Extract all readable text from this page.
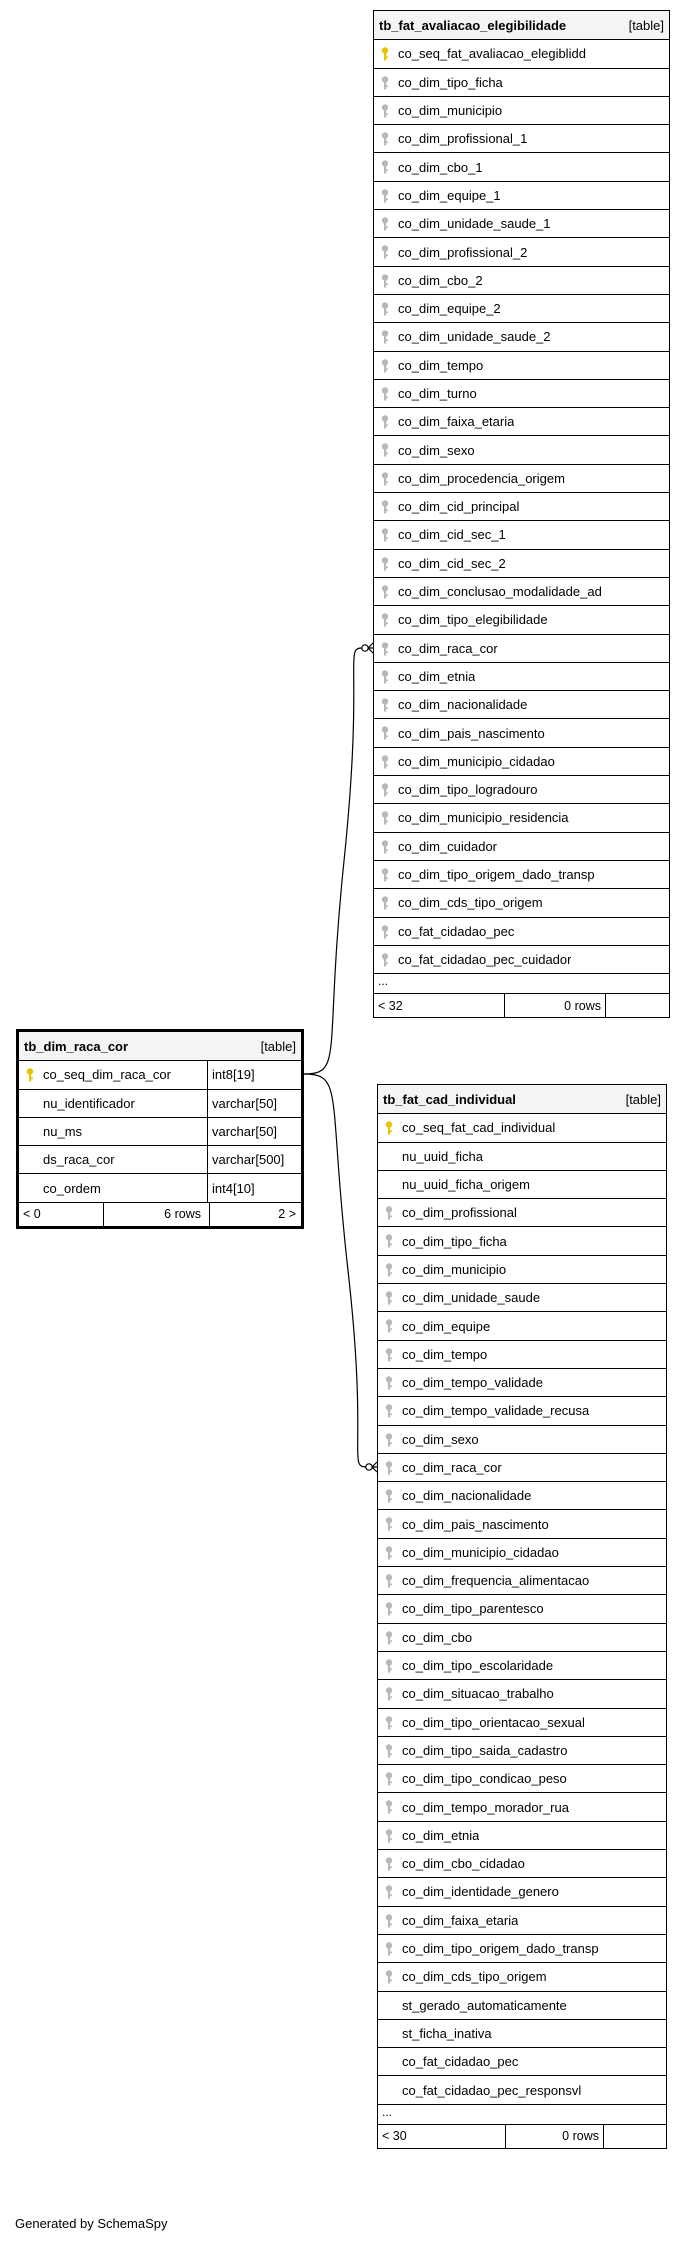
tb_fat_avaliacao_elegibilidade	[table]
co_seq_fat_avaliacao_elegiblidd
co_dim_tipo_ficha
co_dim_municipio
co_dim_profissional_1
co_dim_cbo_1
co_dim_equipe_1
co_dim_unidade_saude_1
co_dim_profissional_2
co_dim_cbo_2
co_dim_equipe_2
co_dim_unidade_saude_2
co_dim_tempo
co_dim_turno
co_dim_faixa_etaria
co_dim_sexo
co_dim_procedencia_origem
co_dim_cid_principal
co_dim_cid_sec_1
co_dim_cid_sec_2
co_dim_conclusao_modalidade_ad
co_dim_tipo_elegibilidade
co_dim_raca_cor
co_dim_etnia
co_dim_nacionalidade
co_dim_pais_nascimento
co_dim_municipio_cidadao
co_dim_tipo_logradouro
co_dim_municipio_residencia
co_dim_cuidador
co_dim_tipo_origem_dado_transp
co_dim_cds_tipo_origem
co_fat_cidadao_pec
co_fat_cidadao_pec_cuidador
...
< 32	0 rows
tb_dim_raca_cor	[table]
co_seq_dim_raca_cor	int8[19]
nu_identificador	varchar[50]
nu_ms	varchar[50]
ds_raca_cor	varchar[500]
co_ordem	int4[10]
< 0	6 rows	2 >
tb_fat_cad_individual	[table]
co_seq_fat_cad_individual
nu_uuid_ficha
nu_uuid_ficha_origem
co_dim_profissional
co_dim_tipo_ficha
co_dim_municipio
co_dim_unidade_saude
co_dim_equipe
co_dim_tempo
co_dim_tempo_validade
co_dim_tempo_validade_recusa
co_dim_sexo
co_dim_raca_cor
co_dim_nacionalidade
co_dim_pais_nascimento
co_dim_municipio_cidadao
co_dim_frequencia_alimentacao
co_dim_tipo_parentesco
co_dim_cbo
co_dim_tipo_escolaridade
co_dim_situacao_trabalho
co_dim_tipo_orientacao_sexual
co_dim_tipo_saida_cadastro
co_dim_tipo_condicao_peso
co_dim_tempo_morador_rua
co_dim_etnia
co_dim_cbo_cidadao
co_dim_identidade_genero
co_dim_faixa_etaria
co_dim_tipo_origem_dado_transp
co_dim_cds_tipo_origem
st_gerado_automaticamente
st_ficha_inativa
co_fat_cidadao_pec
co_fat_cidadao_pec_responsvl
...
< 30	0 rows
Generated by SchemaSpy
